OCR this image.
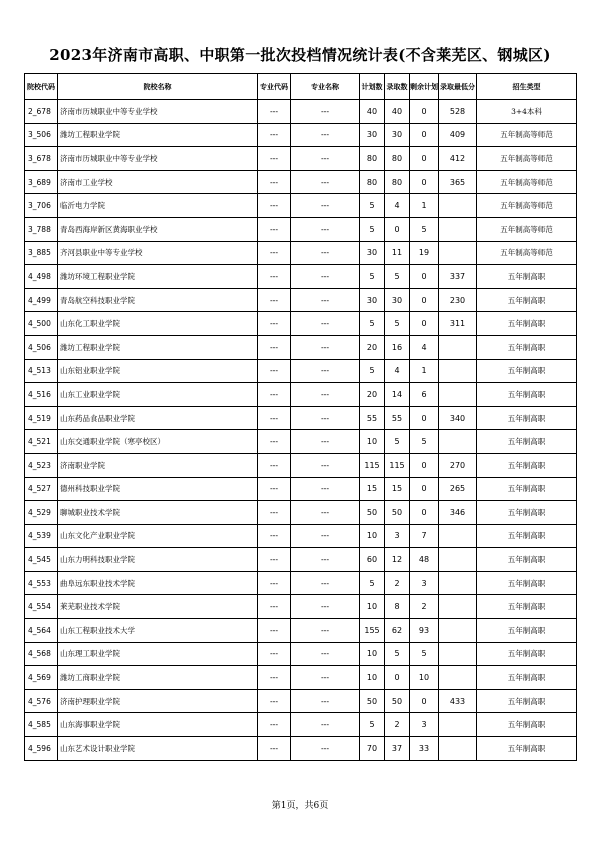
2023年济南市高职、中职第一批次投档情况统计表(不含莱芜区、钢城区)
院校代码	院校名称	专业代码	专业名称	计划数	录取数	剩余计划	录取最低分	招生类型
2_678	济南市历城职业中等专业学校	---	---	40	40	0	528	3+4本科
3_506	潍坊工程职业学院	---	---	30	30	0	409	五年制高等师范
3_678	济南市历城职业中等专业学校	---	---	80	80	0	412	五年制高等师范
3_689	济南市工业学校	---	---	80	80	0	365	五年制高等师范
3_706	临沂电力学院	---	---	5	4	1		五年制高等师范
3_788	青岛西海岸新区黄海职业学校	---	---	5	0	5		五年制高等师范
3_885	齐河县职业中等专业学校	---	---	30	11	19		五年制高等师范
4_498	潍坊环境工程职业学院	---	---	5	5	0	337	五年制高职
4_499	青岛航空科技职业学院	---	---	30	30	0	230	五年制高职
4_500	山东化工职业学院	---	---	5	5	0	311	五年制高职
4_506	潍坊工程职业学院	---	---	20	16	4		五年制高职
4_513	山东铝业职业学院	---	---	5	4	1		五年制高职
4_516	山东工业职业学院	---	---	20	14	6		五年制高职
4_519	山东药品食品职业学院	---	---	55	55	0	340	五年制高职
4_521	山东交通职业学院（寒亭校区）	---	---	10	5	5		五年制高职
4_523	济南职业学院	---	---	115	115	0	270	五年制高职
4_527	德州科技职业学院	---	---	15	15	0	265	五年制高职
4_529	聊城职业技术学院	---	---	50	50	0	346	五年制高职
4_539	山东文化产业职业学院	---	---	10	3	7		五年制高职
4_545	山东力明科技职业学院	---	---	60	12	48		五年制高职
4_553	曲阜远东职业技术学院	---	---	5	2	3		五年制高职
4_554	莱芜职业技术学院	---	---	10	8	2		五年制高职
4_564	山东工程职业技术大学	---	---	155	62	93		五年制高职
4_568	山东理工职业学院	---	---	10	5	5		五年制高职
4_569	潍坊工商职业学院	---	---	10	0	10		五年制高职
4_576	济南护理职业学院	---	---	50	50	0	433	五年制高职
4_585	山东海事职业学院	---	---	5	2	3		五年制高职
4_596	山东艺术设计职业学院	---	---	70	37	33		五年制高职
第1页，共6页
